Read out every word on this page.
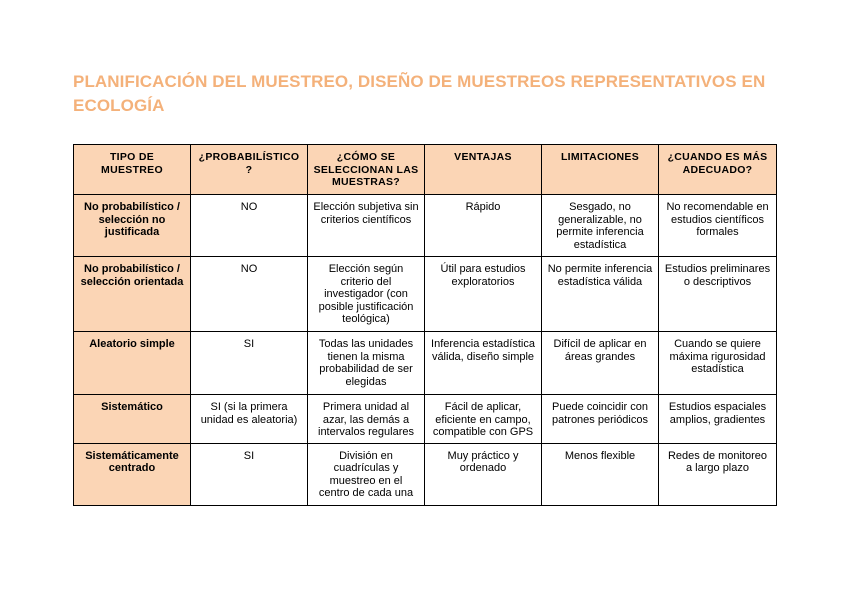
PLANIFICACIÓN DEL MUESTREO, DISEÑO DE MUESTREOS REPRESENTATIVOS EN ECOLOGÍA
TIPO DE MUESTREO	¿PROBABILÍSTICO?	¿CÓMO SE SELECCIONAN LAS MUESTRAS?	VENTAJAS	LIMITACIONES	¿CUANDO ES MÁS ADECUADO?
No probabilístico / selección no justificada	NO	Elección subjetiva sin criterios científicos	Rápido	Sesgado, no generalizable, no permite inferencia estadística	No recomendable en estudios científicos formales
No probabilístico / selección orientada	NO	Elección según criterio del investigador (con posible justificación teológica)	Útil para estudios exploratorios	No permite inferencia estadística válida	Estudios preliminares o descriptivos
Aleatorio simple	SI	Todas las unidades tienen la misma probabilidad de ser elegidas	Inferencia estadística válida, diseño simple	Difícil de aplicar en áreas grandes	Cuando se quiere máxima rigurosidad estadística
Sistemático	SI (si la primera unidad es aleatoria)	Primera unidad al azar, las demás a intervalos regulares	Fácil de aplicar, eficiente en campo, compatible con GPS	Puede coincidir con patrones periódicos	Estudios espaciales amplios, gradientes
Sistemáticamente centrado	SI	División en cuadrículas y muestreo en el centro de cada una	Muy práctico y ordenado	Menos flexible	Redes de monitoreo a largo plazo
